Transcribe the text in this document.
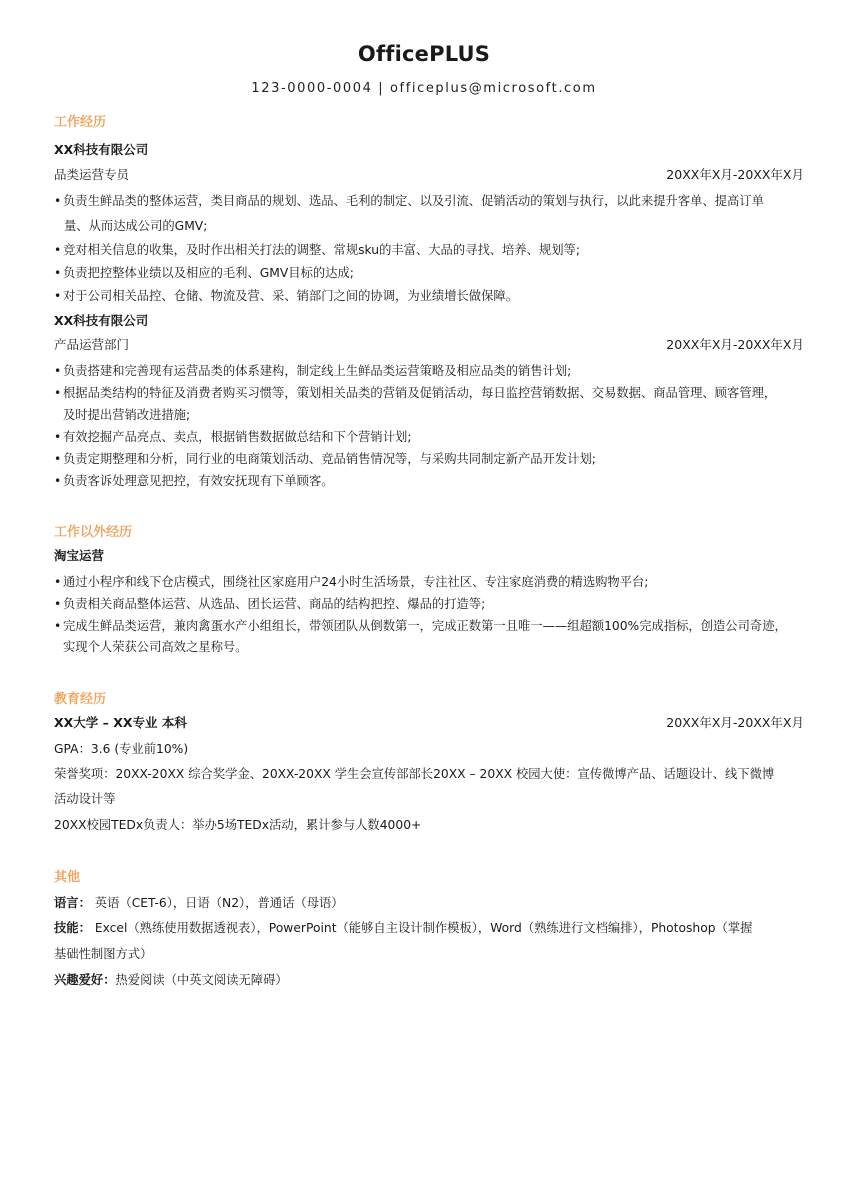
OfficePLUS
123-0000-0004 | officeplus@microsoft.com
工作经历
XX科技有限公司
品类运营专员	20XX年X月-20XX年X月
• 负责生鲜品类的整体运营，类目商品的规划、选品、毛利的制定、以及引流、促销活动的策划与执行，以此来提升客单、提高订单
量、从而达成公司的GMV;
• 竞对相关信息的收集，及时作出相关打法的调整、常规sku的丰富、大品的寻找、培养、规划等;
• 负责把控整体业绩以及相应的毛利、GMV目标的达成;
• 对于公司相关品控、仓储、物流及营、采、销部门之间的协调，为业绩增长做保障。
XX科技有限公司
产品运营部门	20XX年X月-20XX年X月
• 负责搭建和完善现有运营品类的体系建构，制定线上生鲜品类运营策略及相应品类的销售计划;
• 根据品类结构的特征及消费者购买习惯等，策划相关品类的营销及促销活动，每日监控营销数据、交易数据、商品管理、顾客管理，
及时提出营销改进措施;
• 有效挖掘产品亮点、卖点，根据销售数据做总结和下个营销计划;
• 负责定期整理和分析，同行业的电商策划活动、竞品销售情况等，与采购共同制定新产品开发计划;
• 负责客诉处理意见把控，有效安抚现有下单顾客。
工作以外经历
淘宝运营
• 通过小程序和线下仓店模式，围绕社区家庭用户24小时生活场景，专注社区、专注家庭消费的精选购物平台;
• 负责相关商品整体运营、从选品、团长运营、商品的结构把控、爆品的打造等;
• 完成生鲜品类运营，兼肉禽蛋水产小组组长，带领团队从倒数第一，完成正数第一且唯一——组超额100%完成指标，创造公司奇迹，
实现个人荣获公司高效之星称号。
教育经历
XX大学 – XX专业 本科	20XX年X月-20XX年X月
GPA：3.6 (专业前10%)
荣誉奖项：20XX-20XX 综合奖学金、20XX-20XX 学生会宣传部部长20XX – 20XX 校园大使：宣传微博产品、话题设计、线下微博
活动设计等
20XX校园TEDx负责人：举办5场TEDx活动，累计参与人数4000+
其他
语言： 英语（CET-6），日语（N2），普通话（母语）
技能： Excel（熟练使用数据透视表），PowerPoint（能够自主设计制作模板），Word（熟练进行文档编排），Photoshop（掌握
基础性制图方式）
兴趣爱好：热爱阅读（中英文阅读无障碍）
